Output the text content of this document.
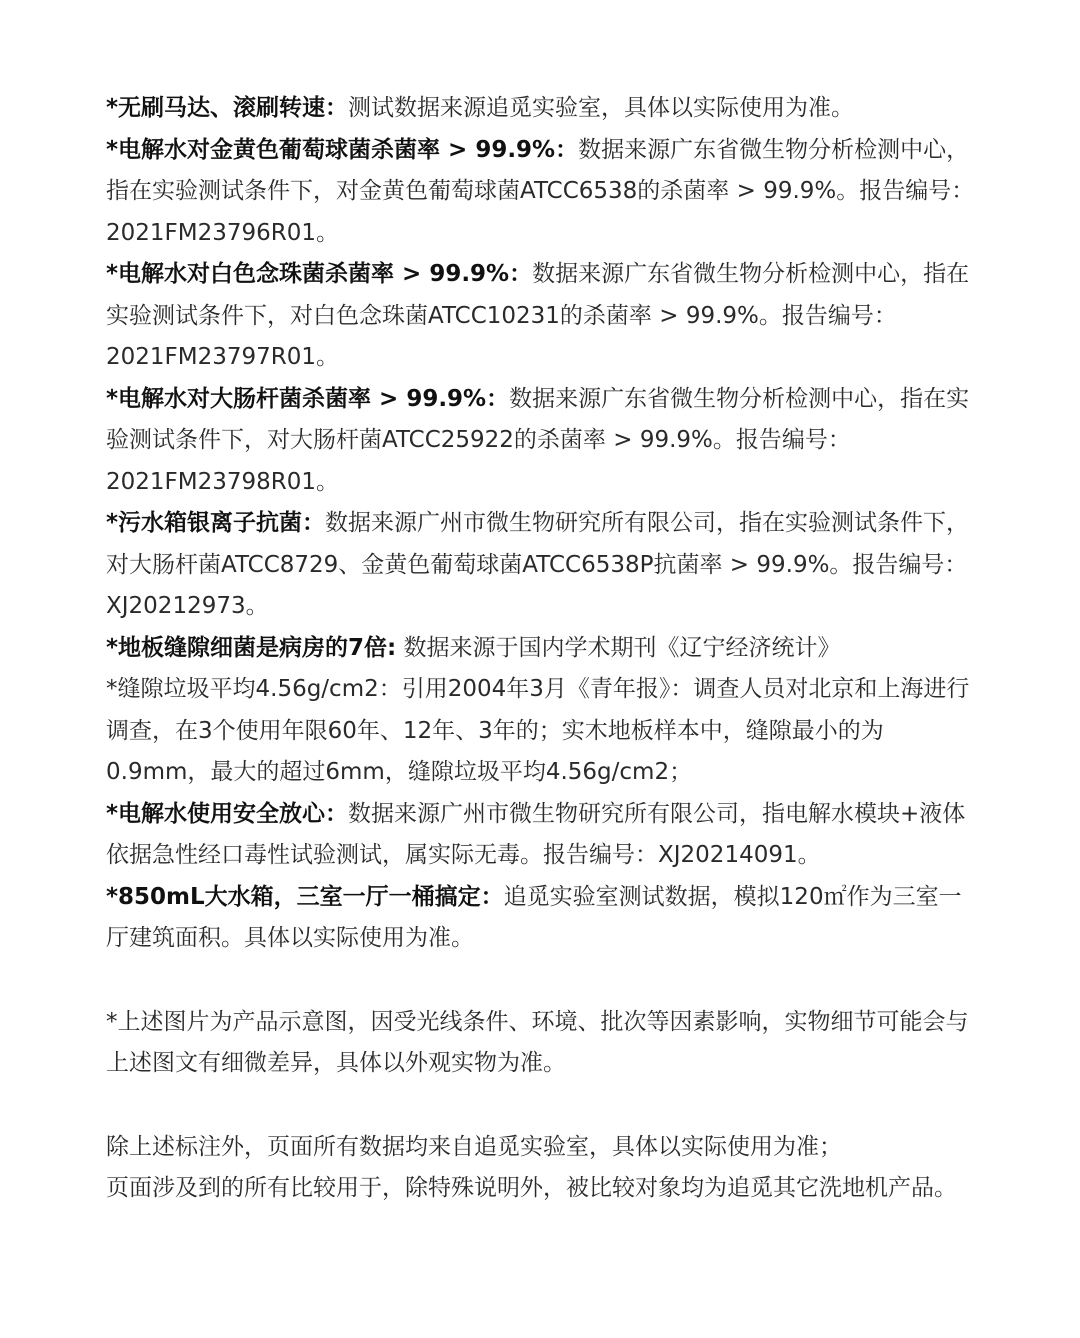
*无刷马达、滚刷转速：测试数据来源追觅实验室，具体以实际使用为准。

*电解水对金黄色葡萄球菌杀菌率 > 99.9%：数据来源广东省微生物分析检测中心，指在实验测试条件下，对金黄色葡萄球菌ATCC6538的杀菌率 > 99.9%。报告编号：2021FM23796R01。

*电解水对白色念珠菌杀菌率 > 99.9%：数据来源广东省微生物分析检测中心，指在实验测试条件下，对白色念珠菌ATCC10231的杀菌率 > 99.9%。报告编号：2021FM23797R01。

*电解水对大肠杆菌杀菌率 > 99.9%：数据来源广东省微生物分析检测中心，指在实验测试条件下，对大肠杆菌ATCC25922的杀菌率 > 99.9%。报告编号：2021FM23798R01。

*污水箱银离子抗菌：数据来源广州市微生物研究所有限公司，指在实验测试条件下，对大肠杆菌ATCC8729、金黄色葡萄球菌ATCC6538P抗菌率 > 99.9%。报告编号：XJ20212973。

*地板缝隙细菌是病房的7倍: 数据来源于国内学术期刊《辽宁经济统计》

*缝隙垃圾平均4.56g/cm2：引用2004年3月《青年报》：调查人员对北京和上海进行调查，在3个使用年限60年、12年、3年的；实木地板样本中，缝隙最小的为0.9mm，最大的超过6mm，缝隙垃圾平均4.56g/cm2；

*电解水使用安全放心：数据来源广州市微生物研究所有限公司，指电解水模块+液体依据急性经口毒性试验测试，属实际无毒。报告编号：XJ20214091。

*850mL大水箱，三室一厅一桶搞定：追觅实验室测试数据，模拟120㎡作为三室一厅建筑面积。具体以实际使用为准。

*上述图片为产品示意图，因受光线条件、环境、批次等因素影响，实物细节可能会与上述图文有细微差异，具体以外观实物为准。

除上述标注外，页面所有数据均来自追觅实验室，具体以实际使用为准；

页面涉及到的所有比较用于，除特殊说明外，被比较对象均为追觅其它洗地机产品。
